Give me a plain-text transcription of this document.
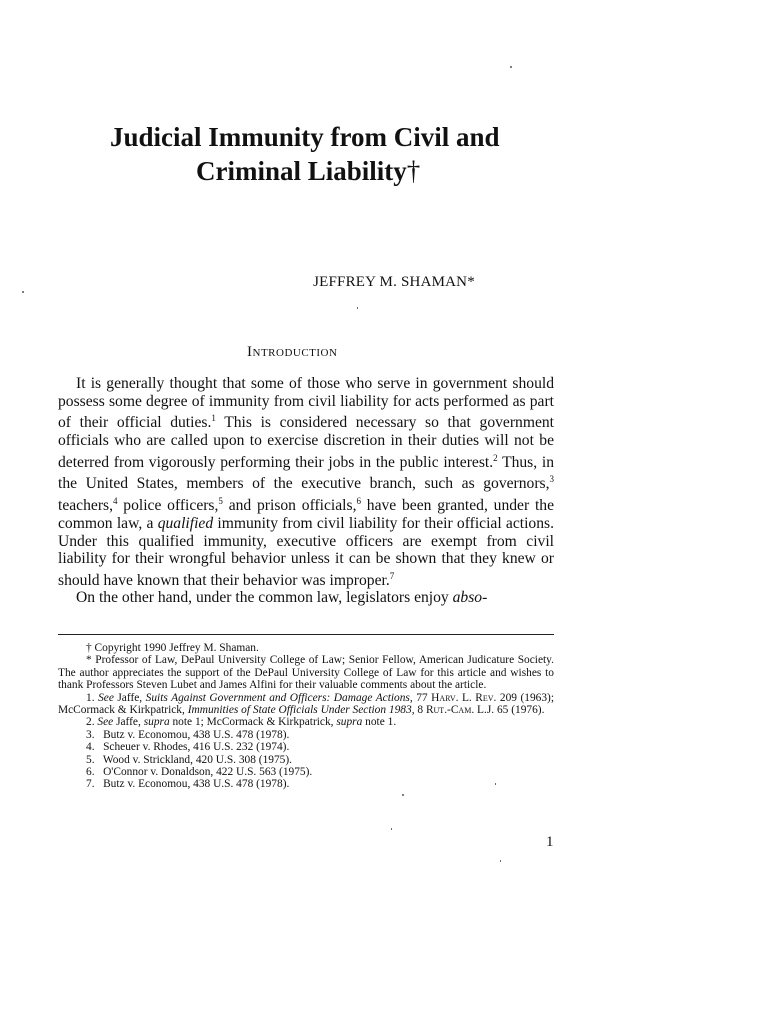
Judicial Immunity from Civil and
Criminal Liability†
JEFFREY M. SHAMAN*
Introduction

It is generally thought that some of those who serve in government should possess some degree of immunity from civil liability for acts performed as part of their official duties.$^1$ This is considered necessary so that government officials who are called upon to exercise discretion in their duties will not be deterred from vigorously performing their jobs in the public interest.$^2$ Thus, in the United States, members of the executive branch, such as governors,$^3$ teachers,$^4$ police officers,$^5$ and prison officials,$^6$ have been granted, under the common law, a qualified immunity from civil liability for their official actions. Under this qualified immunity, executive officers are exempt from civil liability for their wrongful behavior unless it can be shown that they knew or should have known that their behavior was improper.$^7$

On the other hand, under the common law, legislators enjoy abso-

† Copyright 1990 Jeffrey M. Shaman.

* Professor of Law, DePaul University College of Law; Senior Fellow, American Judicature Society. The author appreciates the support of the DePaul University College of Law for this article and wishes to thank Professors Steven Lubet and James Alfini for their valuable comments about the article.

1. See Jaffe, Suits Against Government and Officers: Damage Actions, 77 Harv. L. Rev. 209 (1963); McCormack & Kirkpatrick, Immunities of State Officials Under Section 1983, 8 Rut.-Cam. L.J. 65 (1976).

2. See Jaffe, supra note 1; McCormack & Kirkpatrick, supra note 1.

3.   Butz v. Economou, 438 U.S. 478 (1978).

4.   Scheuer v. Rhodes, 416 U.S. 232 (1974).

5.   Wood v. Strickland, 420 U.S. 308 (1975).

6.   O'Connor v. Donaldson, 422 U.S. 563 (1975).

7.   Butz v. Economou, 438 U.S. 478 (1978).

1
